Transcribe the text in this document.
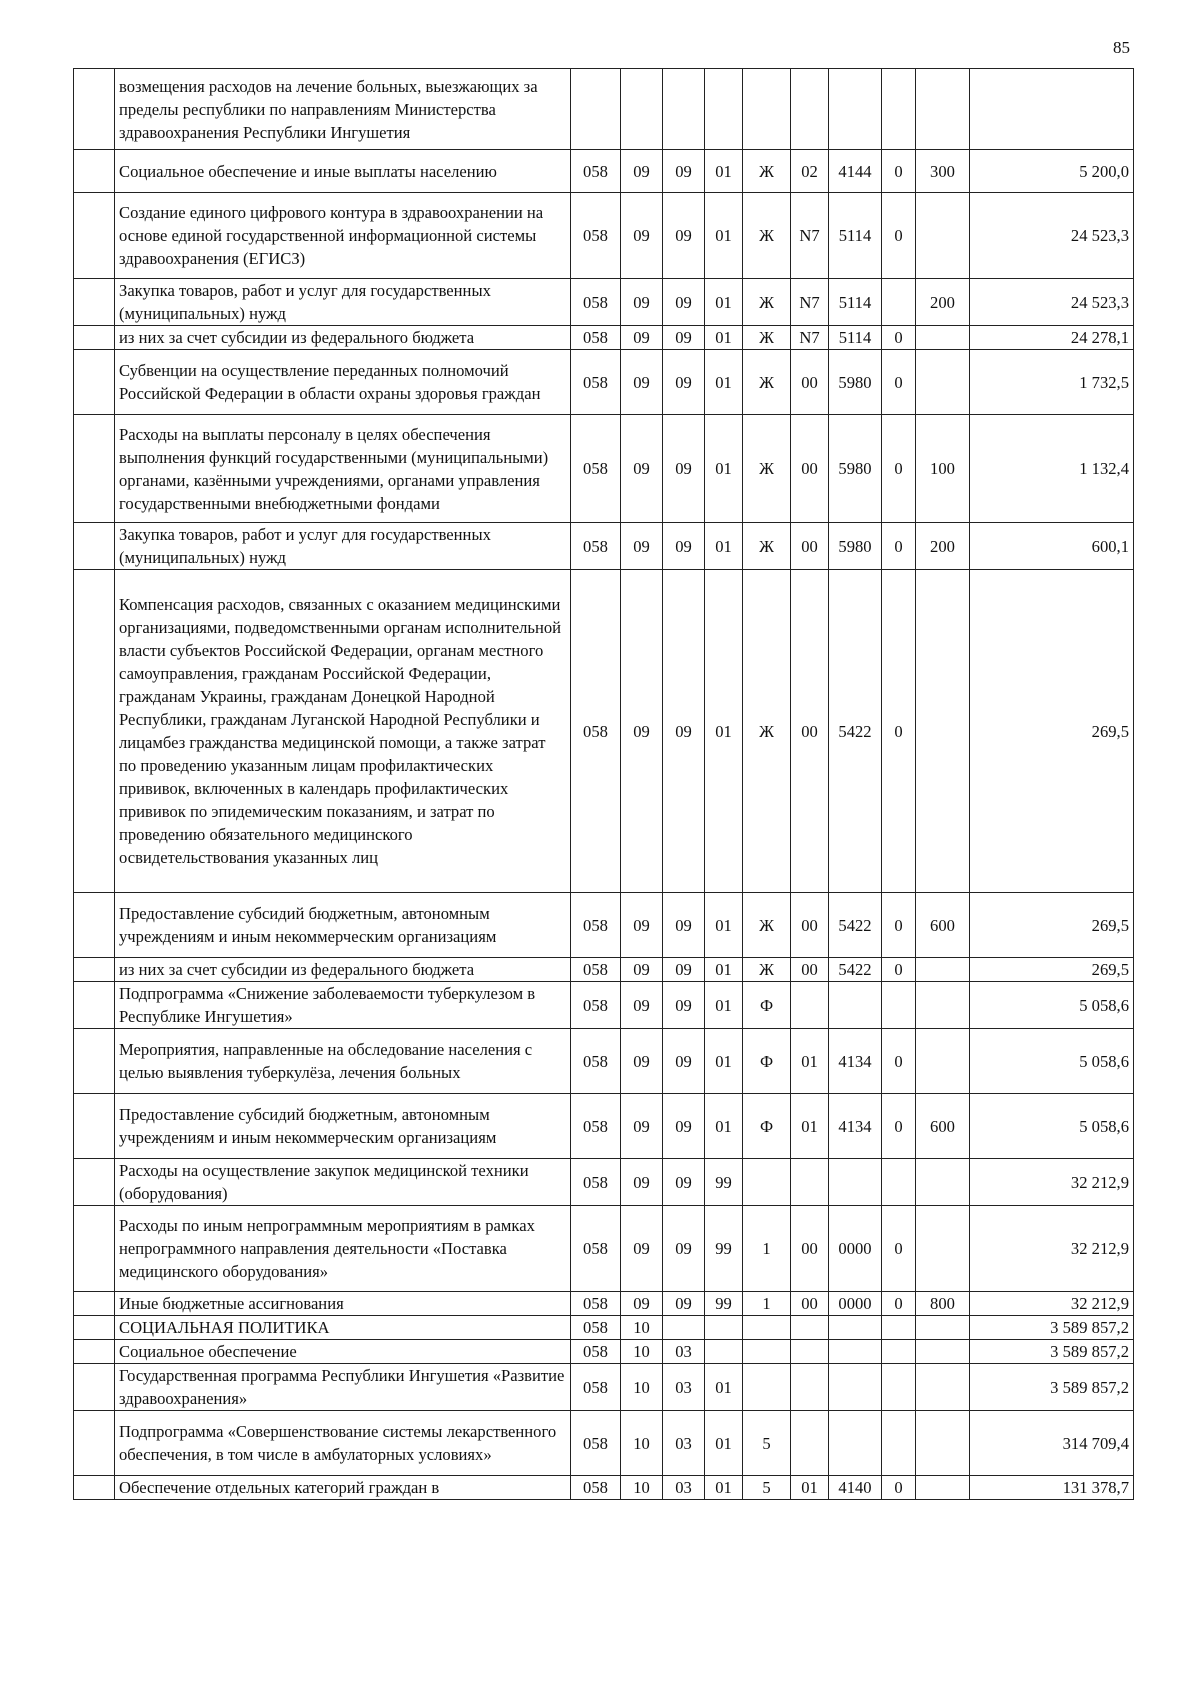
85
	возмещения расходов на лечение больных, выезжающих за пределы республики по направлениям Министерства здравоохранения Республики Ингушетия										
	Социальное обеспечение и иные выплаты населению	058	09	09	01	Ж	02	4144	0	300	5 200,0
	Создание единого цифрового контура в здравоохранении на основе единой государственной информационной системы здравоохранения (ЕГИСЗ)	058	09	09	01	Ж	N7	5114	0		24 523,3
	Закупка товаров, работ и услуг для государственных (муниципальных) нужд	058	09	09	01	Ж	N7	5114		200	24 523,3
	из них за счет субсидии из федерального бюджета	058	09	09	01	Ж	N7	5114	0		24 278,1
	Субвенции на осуществление переданных полномочий Российской Федерации в области охраны здоровья граждан	058	09	09	01	Ж	00	5980	0		1 732,5
	Расходы на выплаты персоналу в целях обеспечения выполнения функций государственными (муниципальными) органами, казёнными учреждениями, органами управления государственными внебюджетными фондами	058	09	09	01	Ж	00	5980	0	100	1 132,4
	Закупка товаров, работ и услуг для государственных (муниципальных) нужд	058	09	09	01	Ж	00	5980	0	200	600,1
	Компенсация расходов, связанных с оказанием медицинскими организациями, подведомственными органам исполнительной власти субъектов Российской Федерации, органам местного самоуправления, гражданам Российской Федерации, гражданам Украины, гражданам Донецкой Народной Республики, гражданам Луганской Народной Республики и лицамбез гражданства медицинской помощи, а также затрат по проведению указанным лицам профилактических прививок, включенных в календарь профилактических прививок по эпидемическим показаниям, и затрат по проведению обязательного медицинского освидетельствования указанных лиц	058	09	09	01	Ж	00	5422	0		269,5
	Предоставление субсидий бюджетным, автономным учреждениям и иным некоммерческим организациям	058	09	09	01	Ж	00	5422	0	600	269,5
	из них за счет субсидии из федерального бюджета	058	09	09	01	Ж	00	5422	0		269,5
	Подпрограмма «Снижение заболеваемости туберкулезом в Республике Ингушетия»	058	09	09	01	Ф					5 058,6
	Мероприятия, направленные на обследование населения с целью выявления туберкулёза, лечения больных	058	09	09	01	Ф	01	4134	0		5 058,6
	Предоставление субсидий бюджетным, автономным учреждениям и иным некоммерческим организациям	058	09	09	01	Ф	01	4134	0	600	5 058,6
	Расходы на осуществление закупок медицинской техники (оборудования)	058	09	09	99						32 212,9
	Расходы по иным непрограммным мероприятиям в рамках непрограммного направления деятельности «Поставка медицинского оборудования»	058	09	09	99	1	00	0000	0		32 212,9
	Иные бюджетные ассигнования	058	09	09	99	1	00	0000	0	800	32 212,9
	СОЦИАЛЬНАЯ ПОЛИТИКА	058	10								3 589 857,2
	Социальное обеспечение	058	10	03							3 589 857,2
	Государственная программа Республики Ингушетия «Развитие здравоохранения»	058	10	03	01						3 589 857,2
	Подпрограмма «Совершенствование системы лекарственного обеспечения, в том числе в амбулаторных условиях»	058	10	03	01	5					314 709,4
	Обеспечение отдельных категорий граждан в	058	10	03	01	5	01	4140	0		131 378,7
